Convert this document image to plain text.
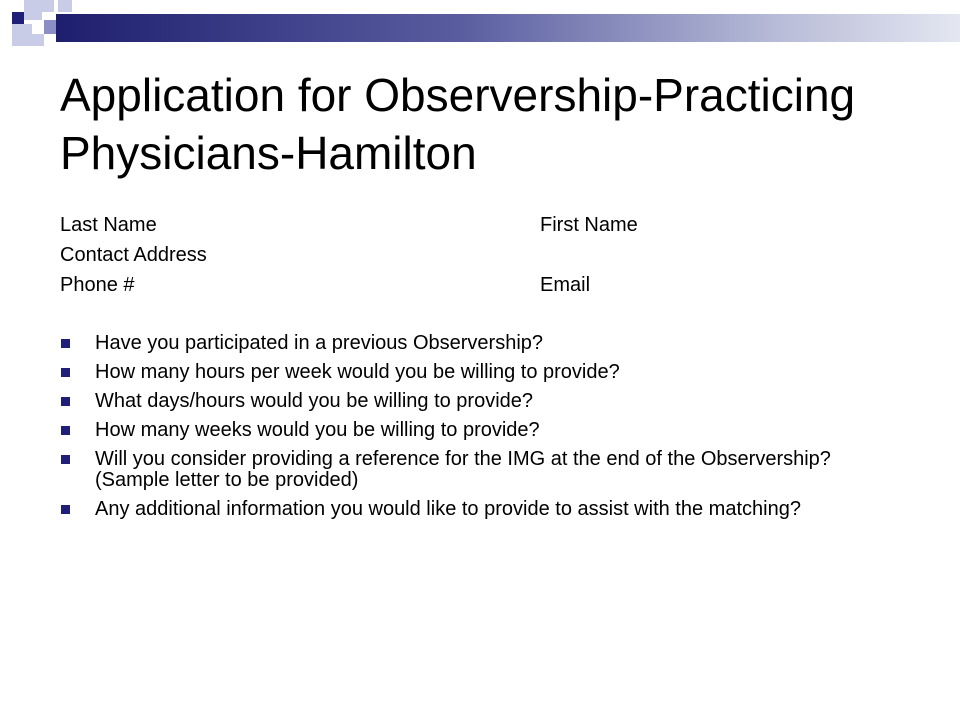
Application for Observership-Practicing Physicians-Hamilton
Last Name	First Name
Contact Address
Phone #	Email
Have you participated in a previous Observership?
How many hours per week would you be willing to provide?
What days/hours would you be willing to provide?
How many weeks would you be willing to provide?
Will you consider providing a reference for the IMG at the end of the Observership? (Sample letter to be provided)
Any additional information you would like to provide to assist with the matching?
